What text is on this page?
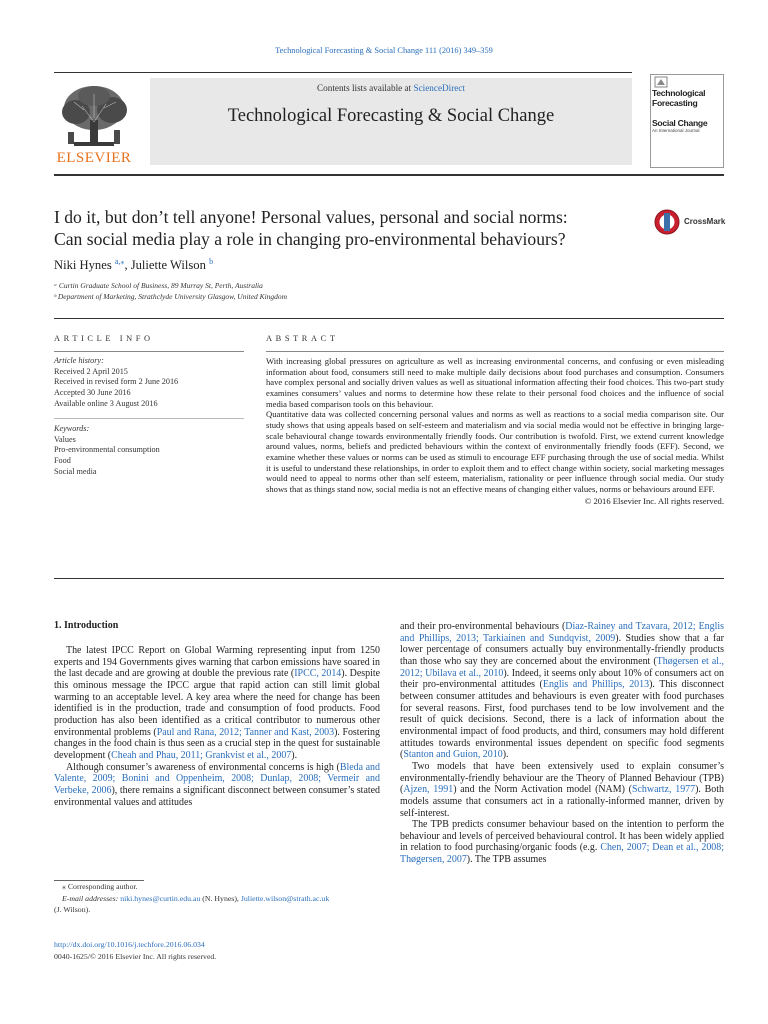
Technological Forecasting & Social Change 111 (2016) 349–359
ELSEVIER
Contents lists available at ScienceDirect
Technological Forecasting & Social Change
Technological
Forecasting
Social Change
An International Journal
I do it, but don’t tell anyone! Personal values, personal and social norms:
Can social media play a role in changing pro-environmental behaviours?
CrossMark
Niki Hynes $^{a,⁎}$, Juliette Wilson $^b$
ᵃ Curtin Graduate School of Business, 89 Murray St, Perth, Australia
ᵇ Department of Marketing, Strathclyde University Glasgow, United Kingdom
ARTICLE INFO	ABSTRACT
Article history:
Received 2 April 2015
Received in revised form 2 June 2016
Accepted 30 June 2016
Available online 3 August 2016
Keywords:
Values
Pro-environmental consumption
Food
Social media

With increasing global pressures on agriculture as well as increasing environmental concerns, and confusing or even misleading information about food, consumers still need to make multiple daily decisions about food purchases and consumption. Consumers have complex personal and socially driven values as well as situational information affecting their food choices. This two-part study examines consumers’ values and norms to determine how these relate to their personal food choices and the influence of social media based comparison tools on this behaviour.

Quantitative data was collected concerning personal values and norms as well as reactions to a social media comparison site. Our study shows that using appeals based on self-esteem and materialism and via social media would not be effective in bringing large-scale behavioural change towards environmentally friendly foods. Our contribution is twofold. First, we extend current knowledge around values, norms, beliefs and predicted behaviours within the context of environmentally friendly foods (EFF). Second, we examine whether these values or norms can be used as stimuli to encourage EFF purchasing through the use of social media. Whilst it is useful to understand these relationships, in order to exploit them and to effect change within society, social marketing messages would need to appeal to norms other than self esteem, materialism, rationality or peer influence through social media. Our study shows that as things stand now, social media is not an effective means of changing either values, norms or behaviours around EFF.

© 2016 Elsevier Inc. All rights reserved.

1. Introduction

The latest IPCC Report on Global Warming representing input from 1250 experts and 194 Governments gives warning that carbon emissions have soared in the last decade and are growing at double the previous rate (IPCC, 2014). Despite this ominous message the IPCC argue that rapid action can still limit global warming to an acceptable level. A key area where the need for change has been identified is in the production, trade and consumption of food products. Food production has also been identified as a critical contributor to numerous other environmental problems (Paul and Rana, 2012; Tanner and Kast, 2003). Fostering changes in the food chain is thus seen as a crucial step in the quest for sustainable development (Cheah and Phau, 2011; Grankvist et al., 2007).

Although consumer’s awareness of environmental concerns is high (Bleda and Valente, 2009; Bonini and Oppenheim, 2008; Dunlap, 2008; Vermeir and Verbeke, 2006), there remains a significant disconnect between consumer’s stated environmental values and attitudes

and their pro-environmental behaviours (Diaz-Rainey and Tzavara, 2012; Englis and Phillips, 2013; Tarkiainen and Sundqvist, 2009). Studies show that a far lower percentage of consumers actually buy environmentally-friendly products than those who say they are concerned about the environment (Thøgersen et al., 2012; Ubilava et al., 2010). Indeed, it seems only about 10% of consumers act on their pro-environmental attitudes (Englis and Phillips, 2013). This disconnect between consumer attitudes and behaviours is even greater with food purchases for several reasons. First, food purchases tend to be low involvement and the result of quick decisions. Second, there is a lack of information about the environmental impact of food products, and third, consumers may hold different attitudes towards environmental issues dependent on specific food segments (Stanton and Guion, 2010).

Two models that have been extensively used to explain consumer’s environmentally-friendly behaviour are the Theory of Planned Behaviour (TPB) (Ajzen, 1991) and the Norm Activation model (NAM) (Schwartz, 1977). Both models assume that consumers act in a rationally-informed manner, driven by self-interest.

The TPB predicts consumer behaviour based on the intention to perform the behaviour and levels of perceived behavioural control. It has been widely applied in relation to food purchasing/organic foods (e.g. Chen, 2007; Dean et al., 2008; Thøgersen, 2007). The TPB assumes

⁎ Corresponding author.
E-mail addresses: niki.hynes@curtin.edu.au (N. Hynes), Juliette.wilson@strath.ac.uk
(J. Wilson).
http://dx.doi.org/10.1016/j.techfore.2016.06.034
0040-1625/© 2016 Elsevier Inc. All rights reserved.
